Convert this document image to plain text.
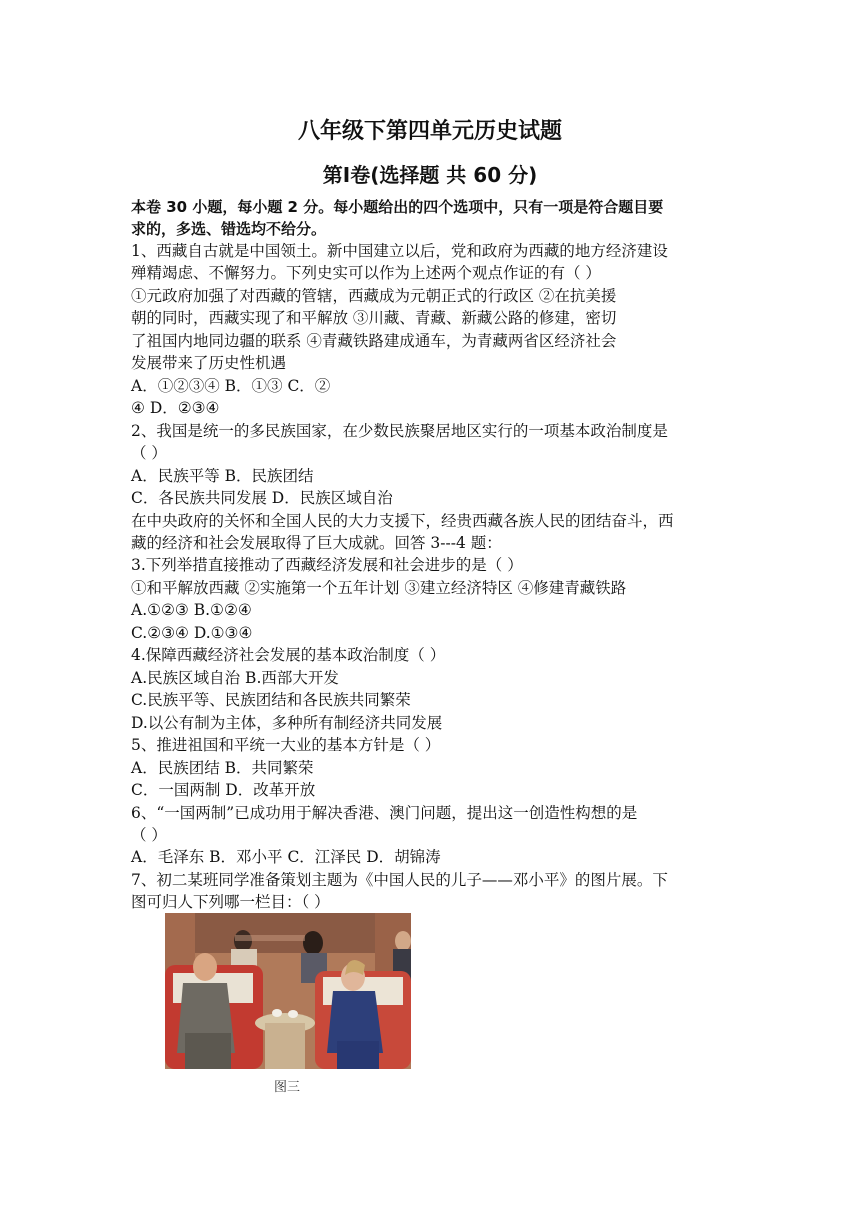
八年级下第四单元历史试题
第Ⅰ卷(选择题 共 60 分)
本卷 30 小题，每小题 2 分。每小题给出的四个选项中，只有一项是符合题目要
求的，多选、错选均不给分。
1、西藏自古就是中国领土。新中国建立以后，党和政府为西藏的地方经济建设
殚精竭虑、不懈努力。下列史实可以作为上述两个观点作证的有（ ）
①元政府加强了对西藏的管辖，西藏成为元朝正式的行政区 ②在抗美援
朝的同时，西藏实现了和平解放 ③川藏、青藏、新藏公路的修建，密切
了祖国内地同边疆的联系 ④青藏铁路建成通车，为青藏两省区经济社会
发展带来了历史性机遇
A．①②③④ B．①③ C．②
④ D．②③④
2、我国是统一的多民族国家，在少数民族聚居地区实行的一项基本政治制度是
（ ）
A．民族平等 B．民族团结
C．各民族共同发展 D．民族区域自治
在中央政府的关怀和全国人民的大力支援下，经贵西藏各族人民的团结奋斗，西
藏的经济和社会发展取得了巨大成就。回答 3---4 题：
3.下列举措直接推动了西藏经济发展和社会进步的是（ ）
①和平解放西藏 ②实施第一个五年计划 ③建立经济特区 ④修建青藏铁路
A.①②③ B.①②④
C.②③④ D.①③④
4.保障西藏经济社会发展的基本政治制度（ ）
A.民族区域自治 B.西部大开发
C.民族平等、民族团结和各民族共同繁荣
D.以公有制为主体，多种所有制经济共同发展
5、推进祖国和平统一大业的基本方针是（ ）
A．民族团结 B．共同繁荣
C．一国两制 D．改革开放
6、“一国两制”已成功用于解决香港、澳门问题，提出这一创造性构想的是
（ ）
A．毛泽东 B．邓小平 C．江泽民 D．胡锦涛
7、初二某班同学准备策划主题为《中国人民的儿子——邓小平》的图片展。下
图可归人下列哪一栏目：（ ）
图三
